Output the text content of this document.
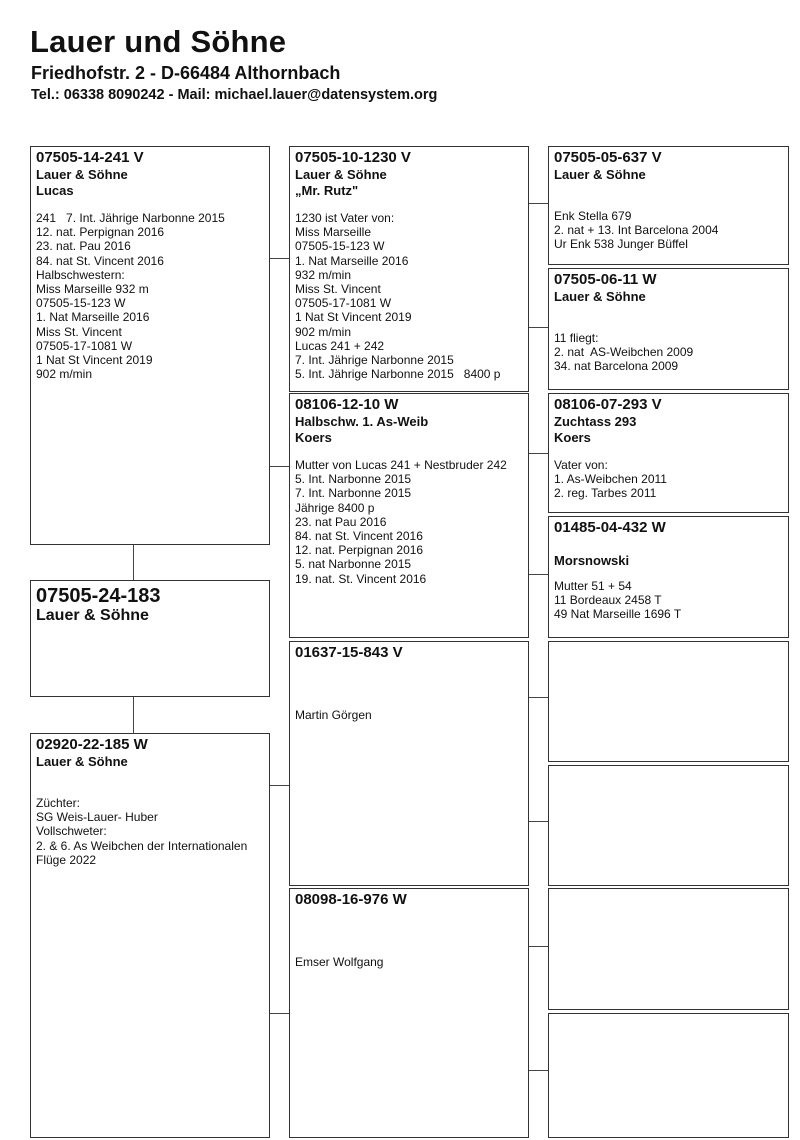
Lauer und Söhne
Friedhofstr. 2 - D-66484 Althornbach
Tel.: 06338 8090242 - Mail: michael.lauer@datensystem.org
07505-14-241 V
Lauer & Söhne
Lucas
241   7. Int. Jährige Narbonne 2015
12. nat. Perpignan 2016
23. nat. Pau 2016
84. nat St. Vincent 2016
Halbschwestern:
Miss Marseille 932 m
07505-15-123 W
1. Nat Marseille 2016
Miss St. Vincent
07505-17-1081 W
1 Nat St Vincent 2019
902 m/min
07505-24-183
Lauer & Söhne
02920-22-185 W
Lauer & Söhne
Züchter:
SG Weis-Lauer- Huber
Vollschweter:
2. & 6. As Weibchen der Internationalen
Flüge 2022
07505-10-1230 V
Lauer & Söhne
„Mr. Rutz"
1230 ist Vater von:
Miss Marseille
07505-15-123 W
1. Nat Marseille 2016
932 m/min
Miss St. Vincent
07505-17-1081 W
1 Nat St Vincent 2019
902 m/min
Lucas 241 + 242
7. Int. Jährige Narbonne 2015
5. Int. Jährige Narbonne 2015   8400 p
08106-12-10 W
Halbschw. 1. As-Weib
Koers
Mutter von Lucas 241 + Nestbruder 242
5. Int. Narbonne 2015
7. Int. Narbonne 2015
Jährige 8400 p
23. nat Pau 2016
84. nat St. Vincent 2016
12. nat. Perpignan 2016
5. nat Narbonne 2015
19. nat. St. Vincent 2016
01637-15-843 V
Martin Görgen
08098-16-976 W
Emser Wolfgang
07505-05-637 V
Lauer & Söhne
Enk Stella 679
2. nat + 13. Int Barcelona 2004
Ur Enk 538 Junger Büffel
07505-06-11 W
Lauer & Söhne
11 fliegt:
2. nat  AS-Weibchen 2009
34. nat Barcelona 2009
08106-07-293 V
Zuchtass 293
Koers
Vater von:
1. As-Weibchen 2011
2. reg. Tarbes 2011
01485-04-432 W
Morsnowski
Mutter 51 + 54
11 Bordeaux 2458 T
49 Nat Marseille 1696 T
